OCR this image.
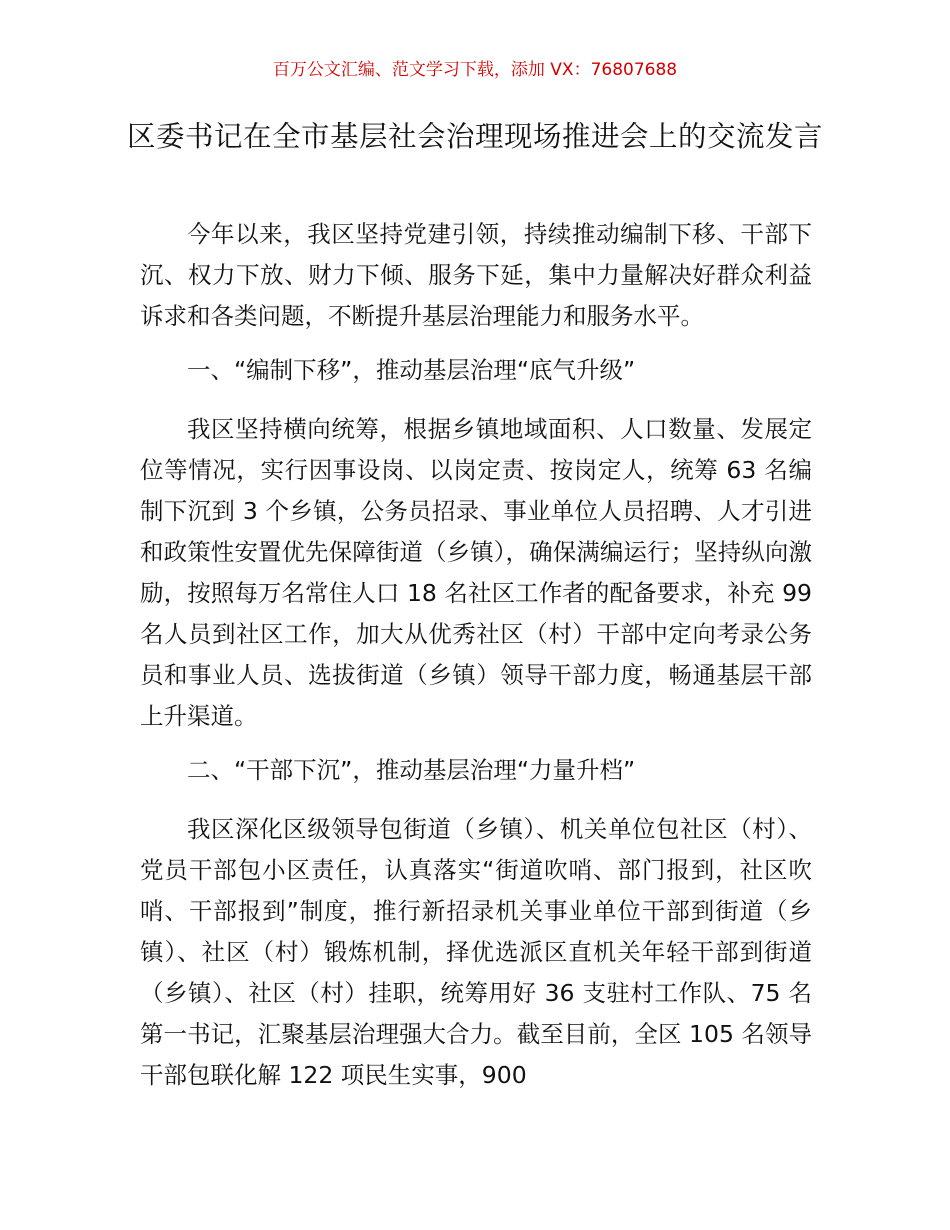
百万公文汇编、范文学习下载，添加 VX：76807688
区委书记在全市基层社会治理现场推进会上的交流发言

今年以来，我区坚持党建引领，持续推动编制下移、干部下沉、权力下放、财力下倾、服务下延，集中力量解决好群众利益诉求和各类问题，不断提升基层治理能力和服务水平。

一、“编制下移”，推动基层治理“底气升级”

我区坚持横向统筹，根据乡镇地域面积、人口数量、发展定位等情况，实行因事设岗、以岗定责、按岗定人，统筹 63 名编制下沉到 3 个乡镇，公务员招录、事业单位人员招聘、人才引进和政策性安置优先保障街道（乡镇），确保满编运行；坚持纵向激励，按照每万名常住人口 18 名社区工作者的配备要求，补充 99 名人员到社区工作，加大从优秀社区（村）干部中定向考录公务员和事业人员、选拔街道（乡镇）领导干部力度，畅通基层干部上升渠道。

二、“干部下沉”，推动基层治理“力量升档”

我区深化区级领导包街道（乡镇）、机关单位包社区（村）、党员干部包小区责任，认真落实“街道吹哨、部门报到，社区吹哨、干部报到”制度，推行新招录机关事业单位干部到街道（乡镇）、社区（村）锻炼机制，择优选派区直机关年轻干部到街道（乡镇）、社区（村）挂职，统筹用好 36 支驻村工作队、75 名第一书记，汇聚基层治理强大合力。截至目前，全区 105 名领导干部包联化解 122 项民生实事，900
